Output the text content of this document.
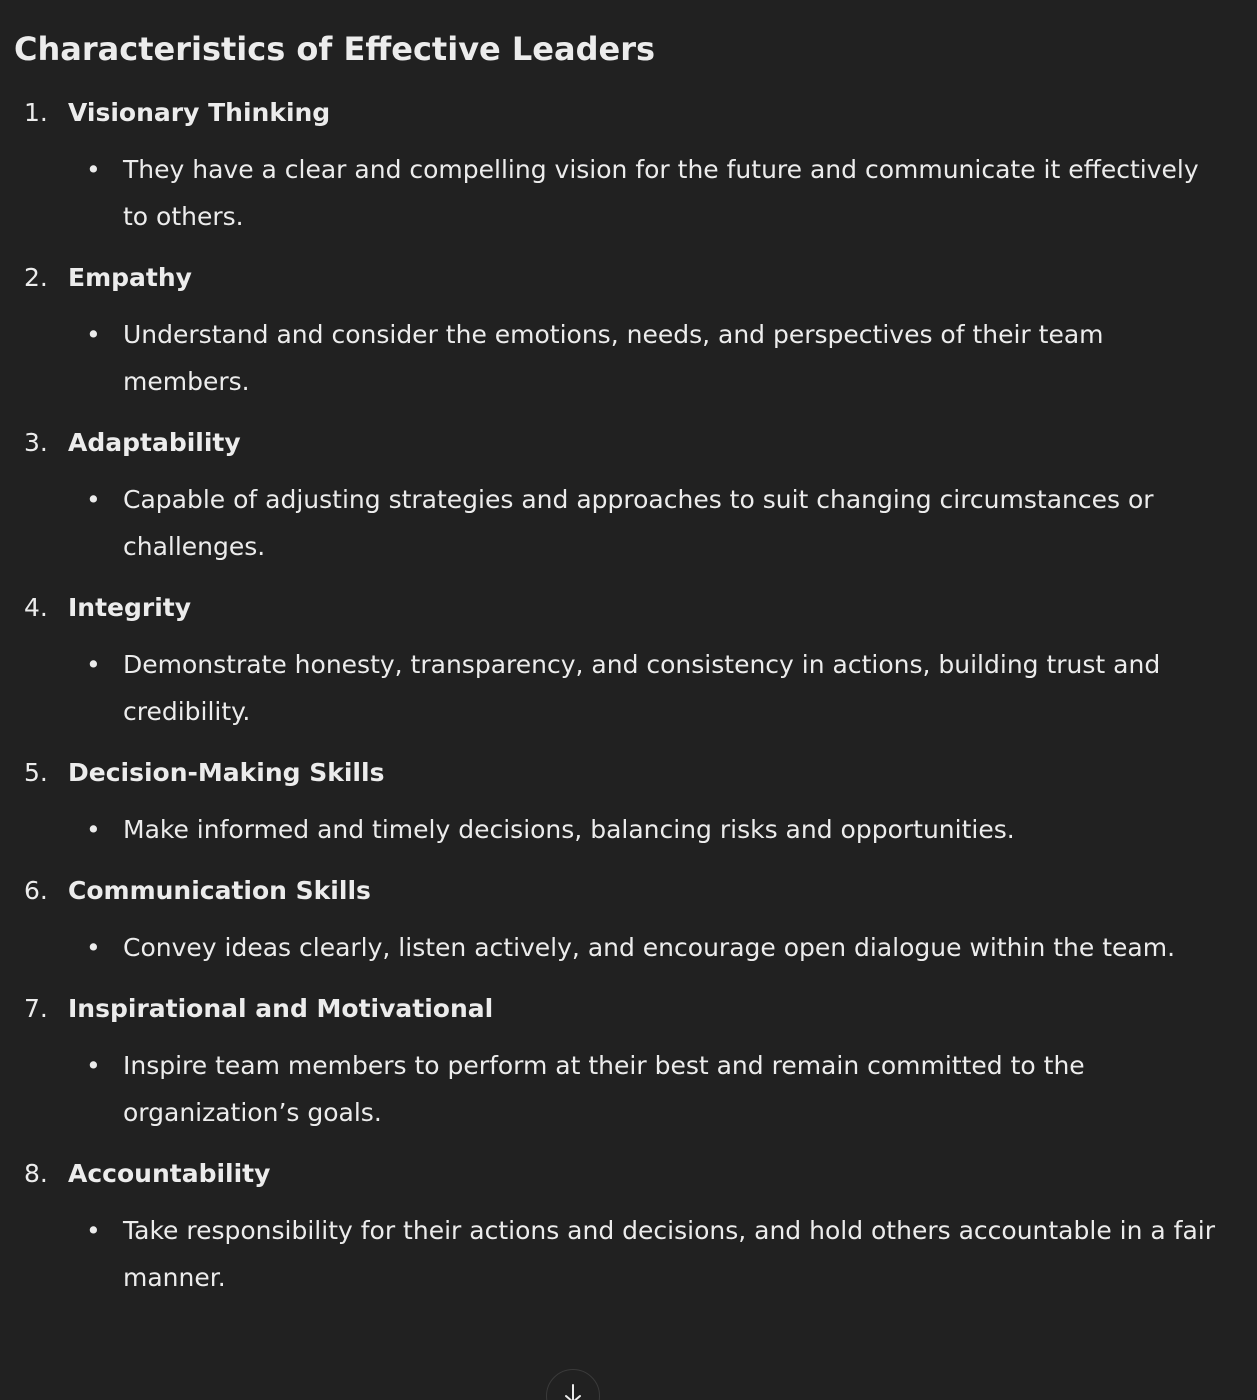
Characteristics of Effective Leaders
1. Visionary Thinking
• They have a clear and compelling vision for the future and communicate it effectively to others.
2. Empathy
• Understand and consider the emotions, needs, and perspectives of their team members.
3. Adaptability
• Capable of adjusting strategies and approaches to suit changing circumstances or challenges.
4. Integrity
• Demonstrate honesty, transparency, and consistency in actions, building trust and credibility.
5. Decision-Making Skills
• Make informed and timely decisions, balancing risks and opportunities.
6. Communication Skills
• Convey ideas clearly, listen actively, and encourage open dialogue within the team.
7. Inspirational and Motivational
• Inspire team members to perform at their best and remain committed to the organization’s goals.
8. Accountability
• Take responsibility for their actions and decisions, and hold others accountable in a fair manner.
